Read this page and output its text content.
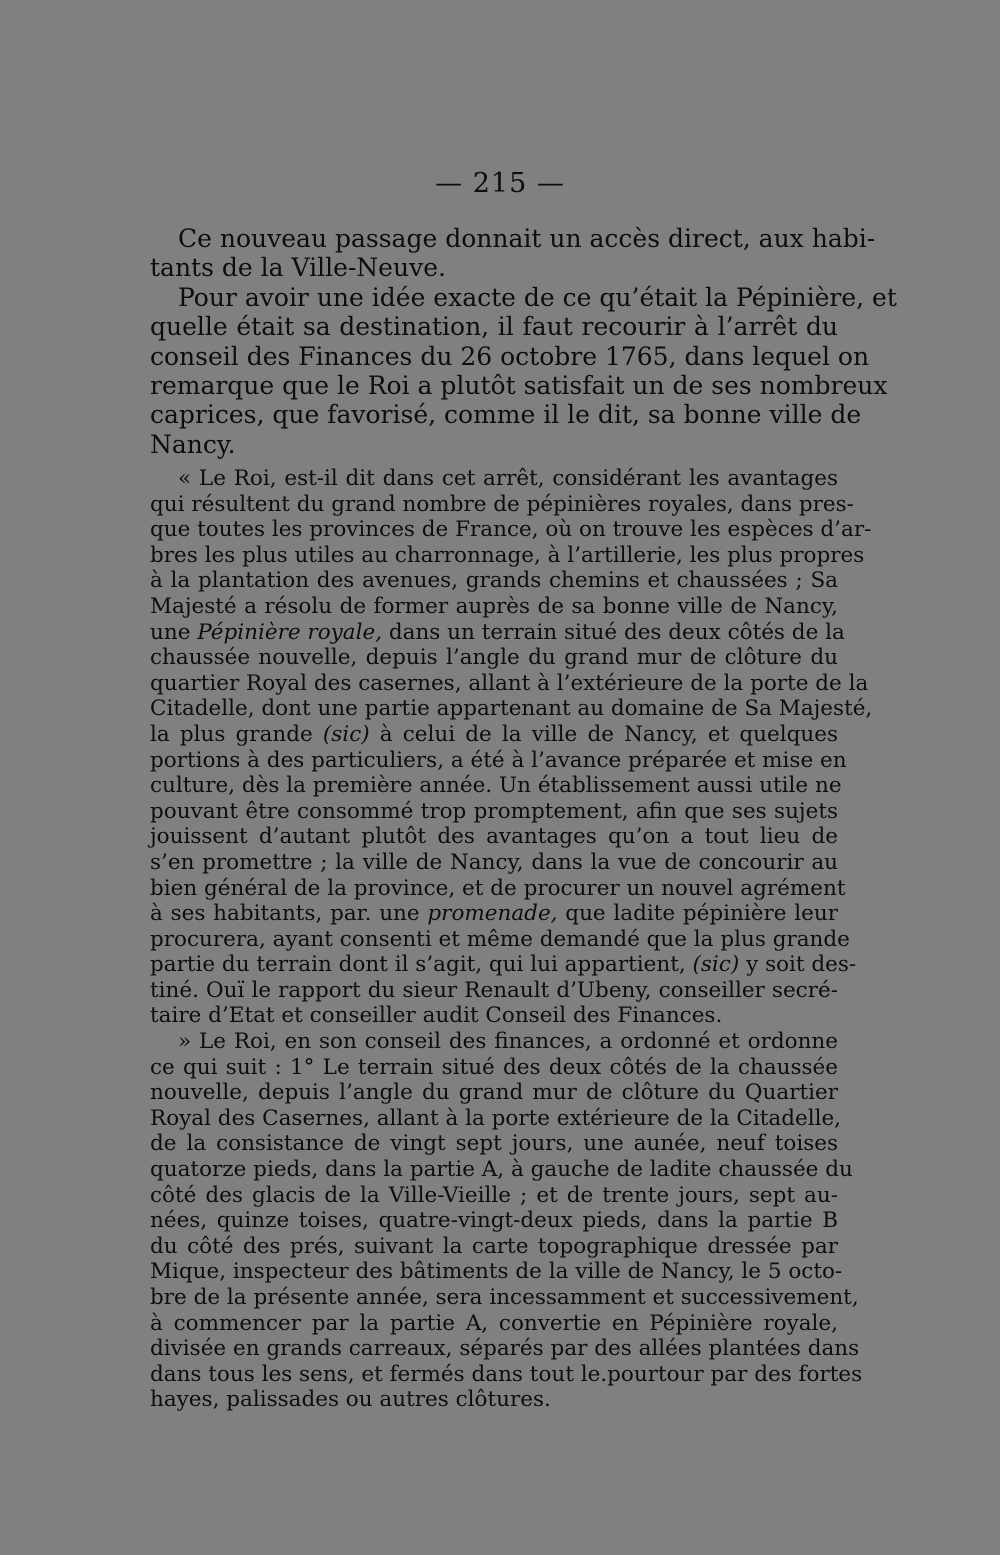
— 215 —
Ce nouveau passage donnait un accès direct, aux habi-
tants de la Ville-Neuve.
Pour avoir une idée exacte de ce qu’était la Pépinière, et
quelle était sa destination, il faut recourir à l’arrêt du
conseil des Finances du 26 octobre 1765, dans lequel on
remarque que le Roi a plutôt satisfait un de ses nombreux
caprices, que favorisé, comme il le dit, sa bonne ville de
Nancy.
« Le Roi, est-il dit dans cet arrêt, considérant les avantages
qui résultent du grand nombre de pépinières royales, dans pres-
que toutes les provinces de France, où on trouve les espèces d’ar-
bres les plus utiles au charronnage, à l’artillerie, les plus propres
à la plantation des avenues, grands chemins et chaussées ; Sa
Majesté a résolu de former auprès de sa bonne ville de Nancy,
une Pépinière royale, dans un terrain situé des deux côtés de la
chaussée nouvelle, depuis l’angle du grand mur de clôture du
quartier Royal des casernes, allant à l’extérieure de la porte de la
Citadelle, dont une partie appartenant au domaine de Sa Majesté,
la plus grande (sic) à celui de la ville de Nancy, et quelques
portions à des particuliers, a été à l’avance préparée et mise en
culture, dès la première année. Un établissement aussi utile ne
pouvant être consommé trop promptement, afin que ses sujets
jouissent d’autant plutôt des avantages qu’on a tout lieu de
s’en promettre ; la ville de Nancy, dans la vue de concourir au
bien général de la province, et de procurer un nouvel agrément
à ses habitants, par. une promenade, que ladite pépinière leur
procurera, ayant consenti et même demandé que la plus grande
partie du terrain dont il s’agit, qui lui appartient, (sic) y soit des-
tiné. Ouï le rapport du sieur Renault d’Ubeny, conseiller secré-
taire d’Etat et conseiller audit Conseil des Finances.
» Le Roi, en son conseil des finances, a ordonné et ordonne
ce qui suit : 1° Le terrain situé des deux côtés de la chaussée
nouvelle, depuis l’angle du grand mur de clôture du Quartier
Royal des Casernes, allant à la porte extérieure de la Citadelle,
de la consistance de vingt sept jours, une aunée, neuf toises
quatorze pieds, dans la partie A, à gauche de ladite chaussée du
côté des glacis de la Ville-Vieille ; et de trente jours, sept au-
nées, quinze toises, quatre-vingt-deux pieds, dans la partie B
du côté des prés, suivant la carte topographique dressée par
Mique, inspecteur des bâtiments de la ville de Nancy, le 5 octo-
bre de la présente année, sera incessamment et successivement,
à commencer par la partie A, convertie en Pépinière royale,
divisée en grands carreaux, séparés par des allées plantées dans
dans tous les sens, et fermés dans tout le.pourtour par des fortes
hayes, palissades ou autres clôtures.
